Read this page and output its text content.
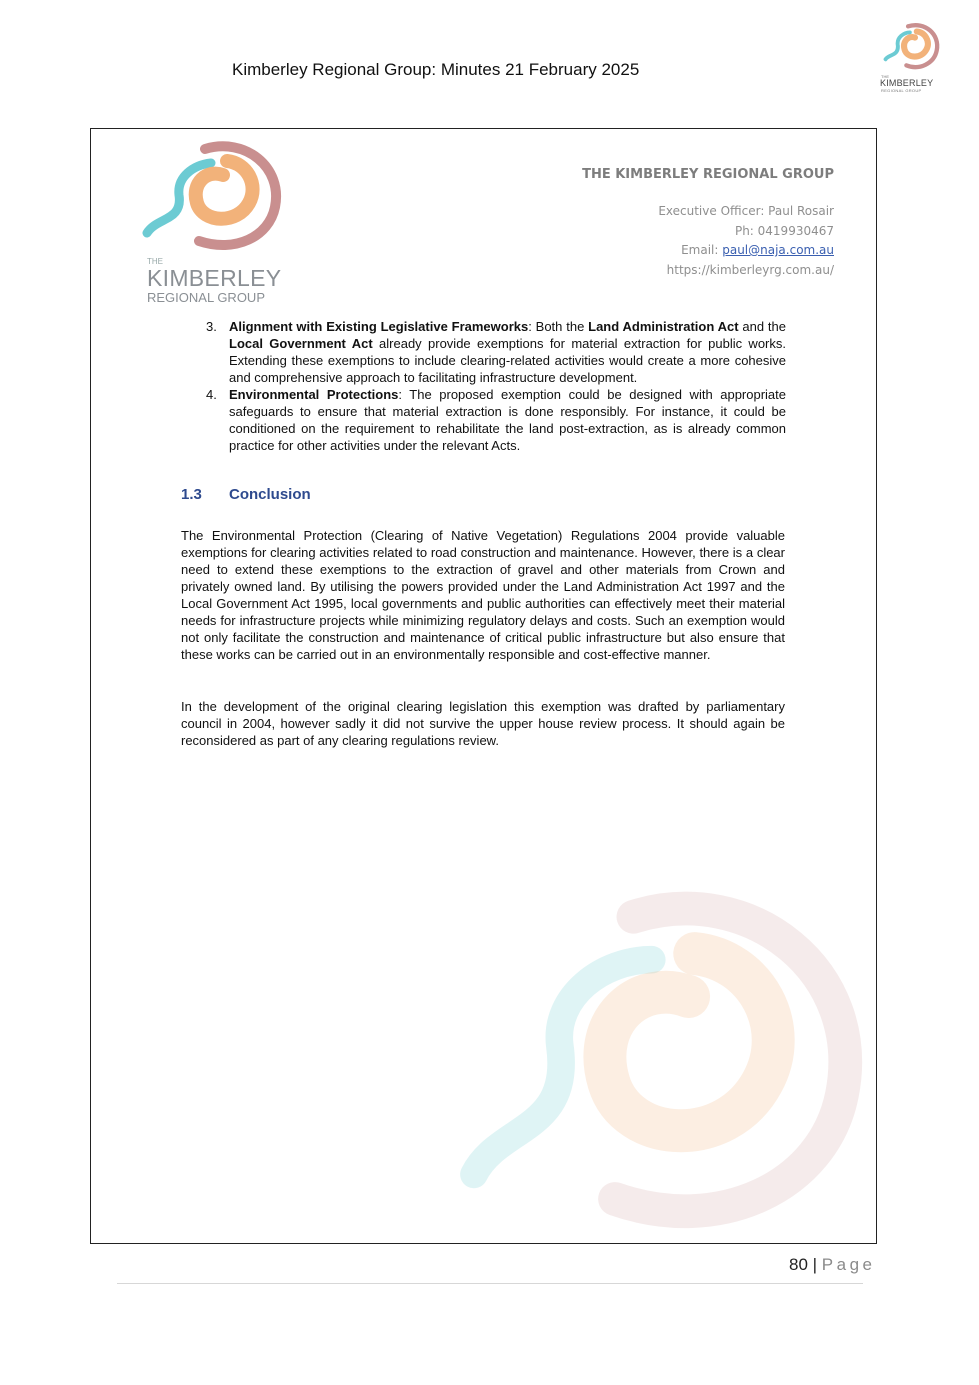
Kimberley Regional Group: Minutes 21 February 2025	THE
KIMBERLEY
REGIONAL GROUP
THE
KIMBERLEY
REGIONAL GROUP
THE KIMBERLEY REGIONAL GROUP
Executive Officer: Paul Rosair
Ph: 0419930467
Email: paul@naja.com.au
https://kimberleyrg.com.au/
3. Alignment with Existing Legislative Frameworks: Both the Land Administration Act and the Local Government Act already provide exemptions for material extraction for public works. Extending these exemptions to include clearing-related activities would create a more cohesive and comprehensive approach to facilitating infrastructure development.
4. Environmental Protections: The proposed exemption could be designed with appropriate safeguards to ensure that material extraction is done responsibly. For instance, it could be conditioned on the requirement to rehabilitate the land post-extraction, as is already common practice for other activities under the relevant Acts.
1.3 Conclusion

The Environmental Protection (Clearing of Native Vegetation) Regulations 2004 provide valuable exemptions for clearing activities related to road construction and maintenance. However, there is a clear need to extend these exemptions to the extraction of gravel and other materials from Crown and privately owned land. By utilising the powers provided under the Land Administration Act 1997 and the Local Government Act 1995, local governments and public authorities can effectively meet their material needs for infrastructure projects while minimizing regulatory delays and costs. Such an exemption would not only facilitate the construction and maintenance of critical public infrastructure but also ensure that these works can be carried out in an environmentally responsible and cost-effective manner.

In the development of the original clearing legislation this exemption was drafted by parliamentary council in 2004, however sadly it did not survive the upper house review process. It should again be reconsidered as part of any clearing regulations review.

80 | Page
